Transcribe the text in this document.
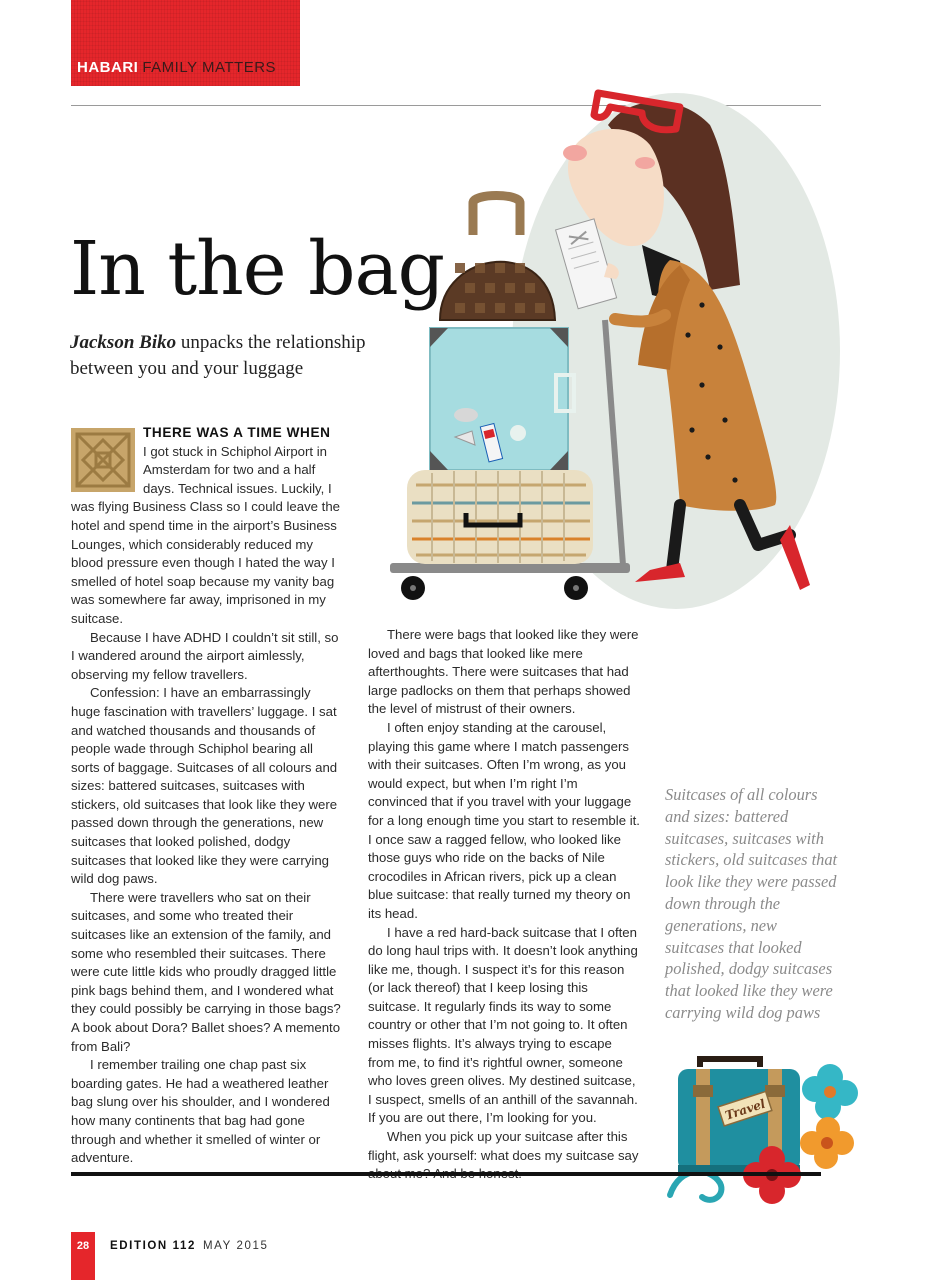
HABARI FAMILY MATTERS
In the bag

Jackson Biko unpacks the relationship between you and your luggage

THERE WAS A TIME WHEN

I got stuck in Schiphol Airport in Amsterdam for two and a half days. Technical issues. Luckily, I was flying Business Class so I could leave the hotel and spend time in the airport’s Business Lounges, which considerably reduced my blood pressure even though I hated the way I smelled of hotel soap because my vanity bag was somewhere far away, imprisoned in my suitcase.

Because I have ADHD I couldn’t sit still, so I wandered around the airport aimlessly, observing my fellow travellers.

Confession: I have an embarrassingly huge fascination with travellers’ luggage. I sat and watched thousands and thousands of people wade through Schiphol bearing all sorts of baggage. Suitcases of all colours and sizes: battered suitcases, suitcases with stickers, old suitcases that look like they were passed down through the generations, new suitcases that looked polished, dodgy suitcases that looked like they were carrying wild dog paws.

There were travellers who sat on their suitcases, and some who treated their suitcases like an extension of the family, and some who resembled their suitcases. There were cute little kids who proudly dragged little pink bags behind them, and I wondered what they could possibly be carrying in those bags? A book about Dora? Ballet shoes? A memento from Bali?

I remember trailing one chap past six boarding gates. He had a weathered leather bag slung over his shoulder, and I wondered how many continents that bag had gone through and whether it smelled of winter or adventure.

There were bags that looked like they were loved and bags that looked like mere afterthoughts. There were suitcases that had large padlocks on them that perhaps showed the level of mistrust of their owners.

I often enjoy standing at the carousel, playing this game where I match passengers with their suitcases. Often I’m wrong, as you would expect, but when I’m right I’m convinced that if you travel with your luggage for a long enough time you start to resemble it. I once saw a ragged fellow, who looked like those guys who ride on the backs of Nile crocodiles in African rivers, pick up a clean blue suitcase: that really turned my theory on its head.

I have a red hard-back suitcase that I often do long haul trips with. It doesn’t look anything like me, though. I suspect it’s for this reason (or lack thereof) that I keep losing this suitcase. It regularly finds its way to some country or other that I’m not going to. It often misses flights. It’s always trying to escape from me, to find it’s rightful owner, someone who loves green olives. My destined suitcase, I suspect, smells of an anthill of the savannah. If you are out there, I’m looking for you.

When you pick up your suitcase after this flight, ask yourself: what does my suitcase say

Suitcases of all colours and sizes: battered suitcases, suitcases with stickers, old suitcases that look like they were passed down through the generations, new suitcases that looked polished, dodgy suitcases that looked like they were carrying wild dog paws

Travel
28	EDITION 112 MAY 2015
